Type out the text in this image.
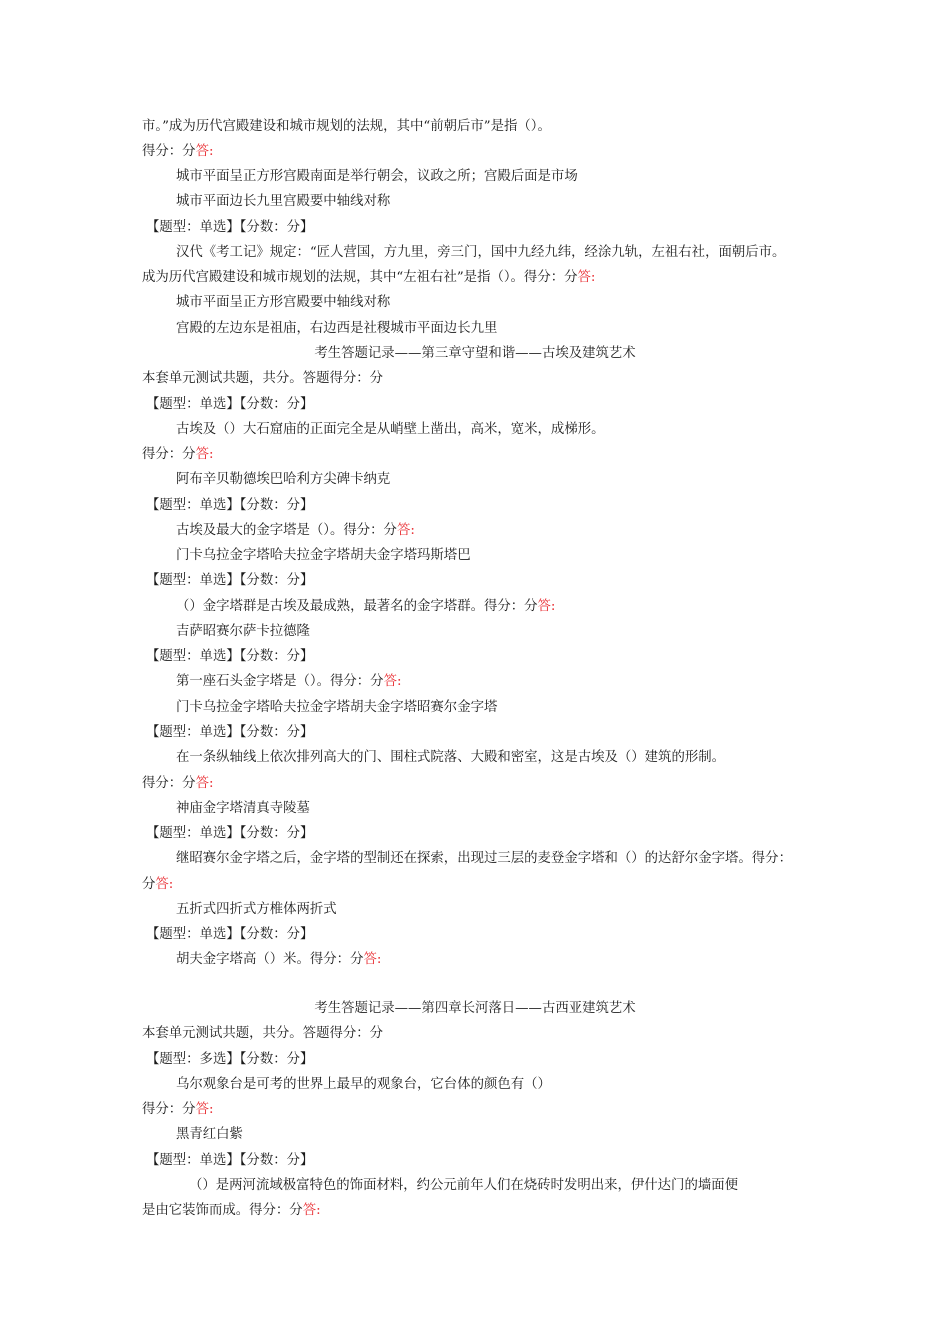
市。”成为历代宫殿建设和城市规划的法规，其中“前朝后市”是指（）。
得分：分答:
城市平面呈正方形宫殿南面是举行朝会，议政之所；宫殿后面是市场
城市平面边长九里宫殿要中轴线对称
【题型：单选】【分数：分】
汉代《考工记》规定：“匠人营国，方九里，旁三门，国中九经九纬，经涂九轨，左祖右社，面朝后市。
成为历代宫殿建设和城市规划的法规，其中“左祖右社”是指（）。得分：分答:
城市平面呈正方形宫殿要中轴线对称
宫殿的左边东是祖庙，右边西是社稷城市平面边长九里
考生答题记录——第三章守望和谐——古埃及建筑艺术
本套单元测试共题，共分。答题得分：分
【题型：单选】【分数：分】
古埃及（）大石窟庙的正面完全是从峭壁上凿出，高米，宽米，成梯形。
得分：分答:
阿布辛贝勒德埃巴哈利方尖碑卡纳克
【题型：单选】【分数：分】
古埃及最大的金字塔是（）。得分：分答:
门卡乌拉金字塔哈夫拉金字塔胡夫金字塔玛斯塔巴
【题型：单选】【分数：分】
（）金字塔群是古埃及最成熟，最著名的金字塔群。得分：分答:
吉萨昭赛尔萨卡拉德隆
【题型：单选】【分数：分】
第一座石头金字塔是（）。得分：分答:
门卡乌拉金字塔哈夫拉金字塔胡夫金字塔昭赛尔金字塔
【题型：单选】【分数：分】
在一条纵轴线上依次排列高大的门、围柱式院落、大殿和密室，这是古埃及（）建筑的形制。
得分：分答:
神庙金字塔清真寺陵墓
【题型：单选】【分数：分】
继昭赛尔金字塔之后，金字塔的型制还在探索，出现过三层的麦登金字塔和（）的达舒尔金字塔。得分：
分答:
五折式四折式方椎体两折式
【题型：单选】【分数：分】
胡夫金字塔高（）米。得分：分答:
考生答题记录——第四章长河落日——古西亚建筑艺术
本套单元测试共题，共分。答题得分：分
【题型：多选】【分数：分】
乌尔观象台是可考的世界上最早的观象台，它台体的颜色有（）
得分：分答:
黑青红白紫
【题型：单选】【分数：分】
（）是两河流域极富特色的饰面材料，约公元前年人们在烧砖时发明出来，伊什达门的墙面便
是由它装饰而成。得分：分答:
